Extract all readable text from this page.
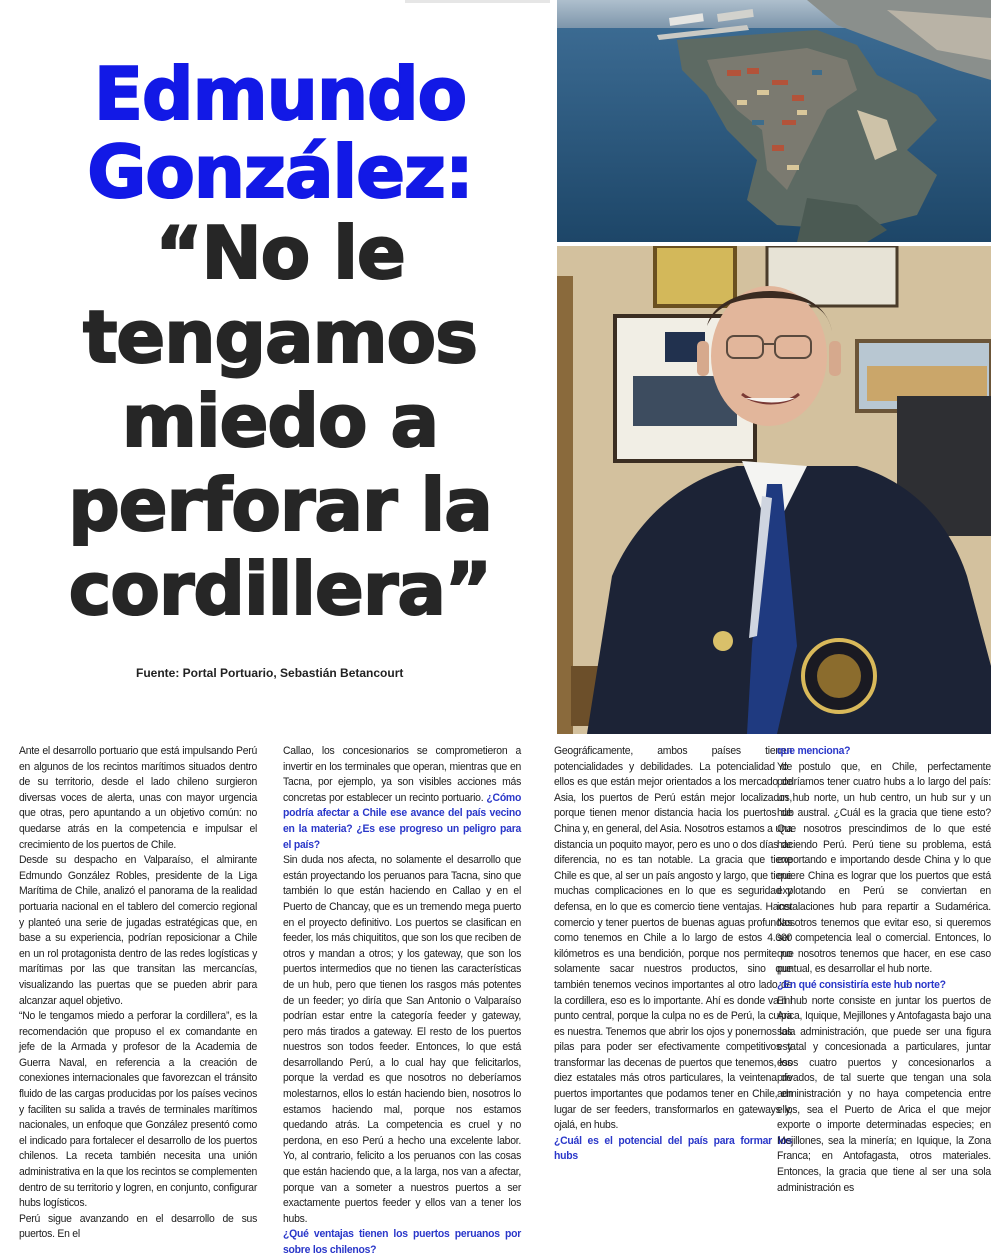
Edmundo
González:
“No le
tengamos
miedo a
perforar la
cordillera”
Fuente: Portal Portuario, Sebastián Betancourt

Ante el desarrollo portuario que está impulsando Perú en algunos de los recintos marítimos situados dentro de su territorio, desde el lado chileno surgieron diversas voces de alerta, unas con mayor urgencia que otras, pero apuntando a un objetivo común: no quedarse atrás en la competencia e impulsar el crecimiento de los puertos de Chile.

Desde su despacho en Valparaíso, el almirante Edmundo González Robles, presidente de la Liga Marítima de Chile, analizó el panorama de la realidad portuaria nacional en el tablero del comercio regional y planteó una serie de jugadas estratégicas que, en base a su experiencia, podrían reposicionar a Chile en un rol protagonista dentro de las redes logísticas y marítimas por las que transitan las mercancías, visualizando las puertas que se pueden abrir para alcanzar aquel objetivo.

“No le tengamos miedo a perforar la cordillera”, es la recomendación que propuso el ex comandante en jefe de la Armada y profesor de la Academia de Guerra Naval, en referencia a la creación de conexiones internacionales que favorezcan el tránsito fluido de las cargas producidas por los países vecinos y faciliten su salida a través de terminales marítimos nacionales, un enfoque que González presentó como el indicado para fortalecer el desarrollo de los puertos chilenos. La receta también necesita una unión administrativa en la que los recintos se complementen dentro de su territorio y logren, en conjunto, configurar hubs logísticos.

Perú sigue avanzando en el desarrollo de sus puertos. En el

Callao, los concesionarios se comprometieron a invertir en los terminales que operan, mientras que en Tacna, por ejemplo, ya son visibles acciones más concretas por establecer un recinto portuario. ¿Cómo podría afectar a Chile ese avance del país vecino en la materia? ¿Es ese progreso un peligro para el país?

Sin duda nos afecta, no solamente el desarrollo que están proyectando los peruanos para Tacna, sino que también lo que están haciendo en Callao y en el Puerto de Chancay, que es un tremendo mega puerto en el proyecto definitivo. Los puertos se clasifican en feeder, los más chiquititos, que son los que reciben de otros y mandan a otros; y los gateway, que son los puertos intermedios que no tienen las características de un hub, pero que tienen los rasgos más potentes de un feeder; yo diría que San Antonio o Valparaíso podrían estar entre la categoría feeder y gateway, pero más tirados a gateway. El resto de los puertos nuestros son todos feeder. Entonces, lo que está desarrollando Perú, a lo cual hay que felicitarlos, porque la verdad es que nosotros no deberíamos molestarnos, ellos lo están haciendo bien, nosotros lo estamos haciendo mal, porque nos estamos quedando atrás. La competencia es cruel y no perdona, en eso Perú a hecho una excelente labor. Yo, al contrario, felicito a los peruanos con las cosas que están haciendo que, a la larga, nos van a afectar, porque van a someter a nuestros puertos a ser exactamente puertos feeder y ellos van a tener los hubs.

¿Qué ventajas tienen los puertos peruanos por sobre los chilenos?

Geográficamente, ambos países tienen potencialidades y debilidades. La potencialidad de ellos es que están mejor orientados a los mercado de Asia, los puertos de Perú están mejor localizados, porque tienen menor distancia hacia los puertos de China y, en general, del Asia. Nosotros estamos a una distancia un poquito mayor, pero es uno o dos días de diferencia, no es tan notable. La gracia que tiene Chile es que, al ser un país angosto y largo, que tiene muchas complicaciones en lo que es seguridad y defensa, en lo que es comercio tiene ventajas. Hacer comercio y tener puertos de buenas aguas profundas como tenemos en Chile a lo largo de estos 4.000 kilómetros es una bendición, porque nos permite no solamente sacar nuestros productos, sino que también tenemos vecinos importantes al otro lado de la cordillera, eso es lo importante. Ahí es donde va mi punto central, porque la culpa no es de Perú, la culpa es nuestra. Tenemos que abrir los ojos y ponernos las pilas para poder ser efectivamente competitivos y transformar las decenas de puertos que tenemos, los diez estatales más otros particulares, la veintena de puertos importantes que podamos tener en Chile, en lugar de ser feeders, transformarlos en gateways y, ojalá, en hubs.

¿Cuál es el potencial del país para formar los hubs

que menciona?

Yo postulo que, en Chile, perfectamente podríamos tener cuatro hubs a lo largo del país: un hub norte, un hub centro, un hub sur y un hub austral. ¿Cuál es la gracia que tiene esto? Que nosotros prescindimos de lo que esté haciendo Perú. Perú tiene su problema, está exportando e importando desde China y lo que quiere China es lograr que los puertos que está explotando en Perú se conviertan en instalaciones hub para repartir a Sudamérica. Nosotros tenemos que evitar eso, si queremos ser competencia leal o comercial. Entonces, lo que nosotros tenemos que hacer, en ese caso puntual, es desarrollar el hub norte.

¿En qué consistiría este hub norte?

El hub norte consiste en juntar los puertos de Arica, Iquique, Mejillones y Antofagasta bajo una sola administración, que puede ser una figura estatal y concesionada a particulares, juntar esos cuatro puertos y concesionarlos a privados, de tal suerte que tengan una sola administración y no haya competencia entre ellos, sea el Puerto de Arica el que mejor exporte o importe determinadas especies; en Mejillones, sea la minería; en Iquique, la Zona Franca; en Antofagasta, otros materiales. Entonces, la gracia que tiene al ser una sola administración es
